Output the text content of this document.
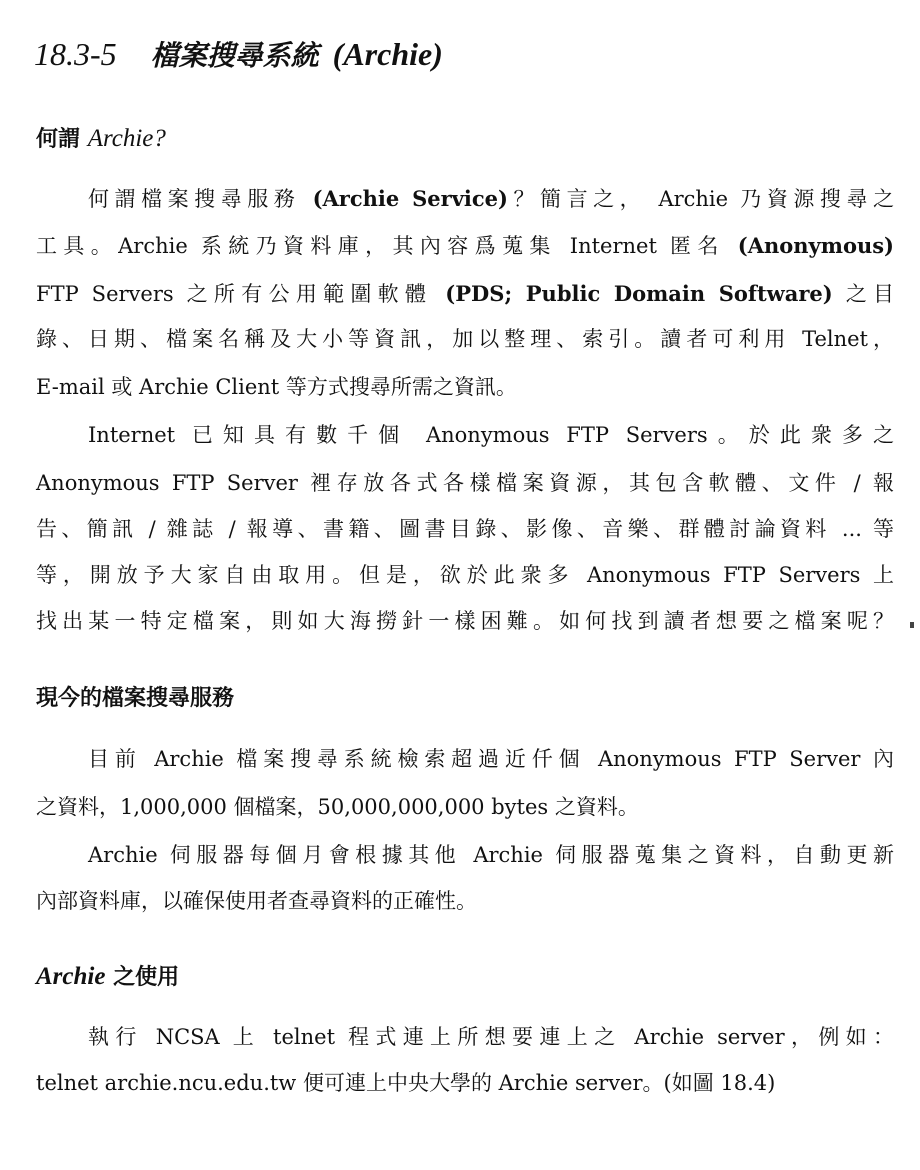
18.3-5 檔案搜尋系統 (Archie)
何謂 Archie?
何謂檔案搜尋服務 (Archie Service)？簡言之， Archie 乃資源搜尋之
工具。Archie 系統乃資料庫，其內容爲蒐集 Internet 匿名 (Anonymous)
FTP Servers 之所有公用範圍軟體 (PDS; Public Domain Software) 之目
錄、日期、檔案名稱及大小等資訊，加以整理、索引。讀者可利用 Telnet，
E-mail 或 Archie Client 等方式搜尋所需之資訊。
Internet 已知具有數千個 Anonymous FTP Servers。於此衆多之
Anonymous FTP Server 裡存放各式各樣檔案資源，其包含軟體、文件 / 報
告、簡訊 / 雜誌 / 報導、書籍、圖書目錄、影像、音樂、群體討論資料 ... 等
等，開放予大家自由取用。但是，欲於此衆多 Anonymous FTP Servers 上
找出某一特定檔案，則如大海撈針一樣困難。如何找到讀者想要之檔案呢？
現今的檔案搜尋服務
目前 Archie 檔案搜尋系統檢索超過近仟個 Anonymous FTP Server 內
之資料，1,000,000 個檔案，50,000,000,000 bytes 之資料。
Archie 伺服器每個月會根據其他 Archie 伺服器蒐集之資料，自動更新
內部資料庫，以確保使用者查尋資料的正確性。
Archie 之使用
執行 NCSA 上 telnet 程式連上所想要連上之 Archie server，例如：
telnet archie.ncu.edu.tw 便可連上中央大學的 Archie server。(如圖 18.4)
